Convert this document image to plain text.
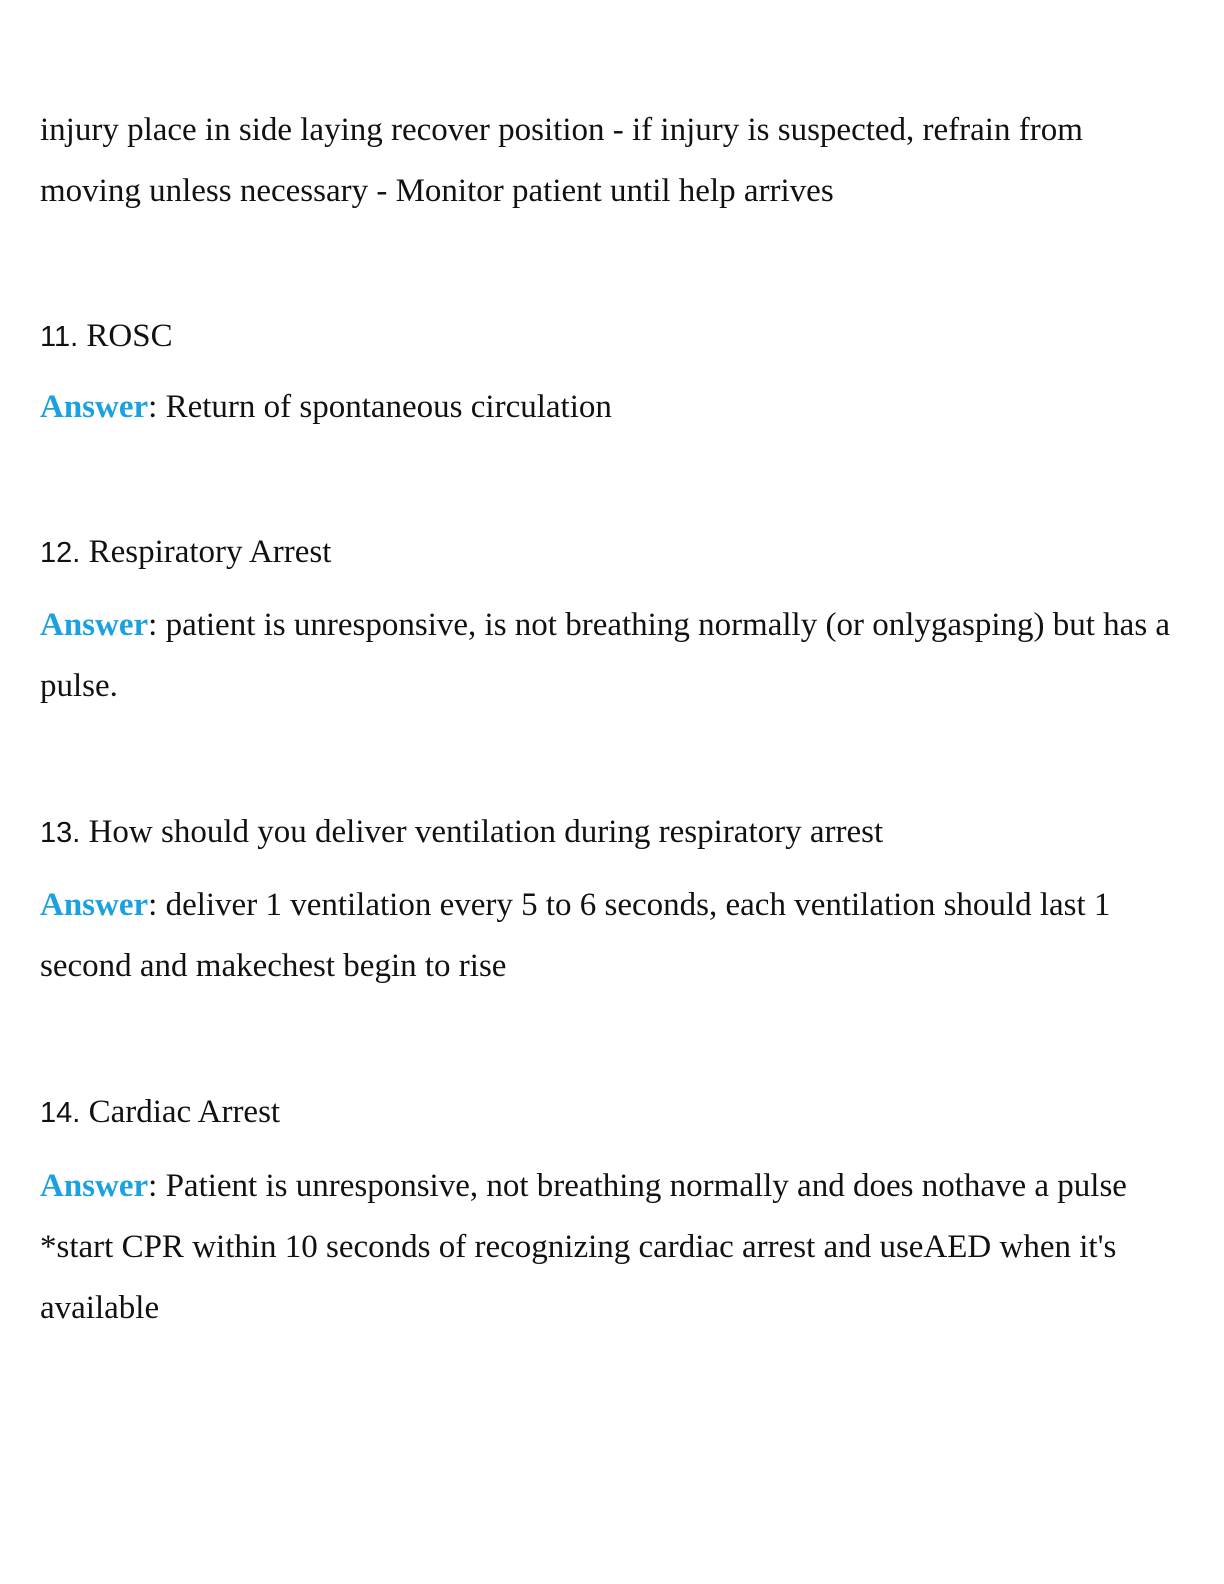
injury place in side laying recover position - if injury is suspected, refrain from moving unless necessary - Monitor patient until help arrives

11. ROSC

Answer: Return of spontaneous circulation

12. Respiratory Arrest

Answer: patient is unresponsive, is not breathing normally (or onlygasping) but has a pulse.

13. How should you deliver ventilation during respiratory arrest

Answer: deliver 1 ventilation every 5 to 6 seconds, each ventilation should last 1 second and makechest begin to rise

14. Cardiac Arrest

Answer: Patient is unresponsive, not breathing normally and does nothave a pulse *start CPR within 10 seconds of recognizing cardiac arrest and useAED when it's available
